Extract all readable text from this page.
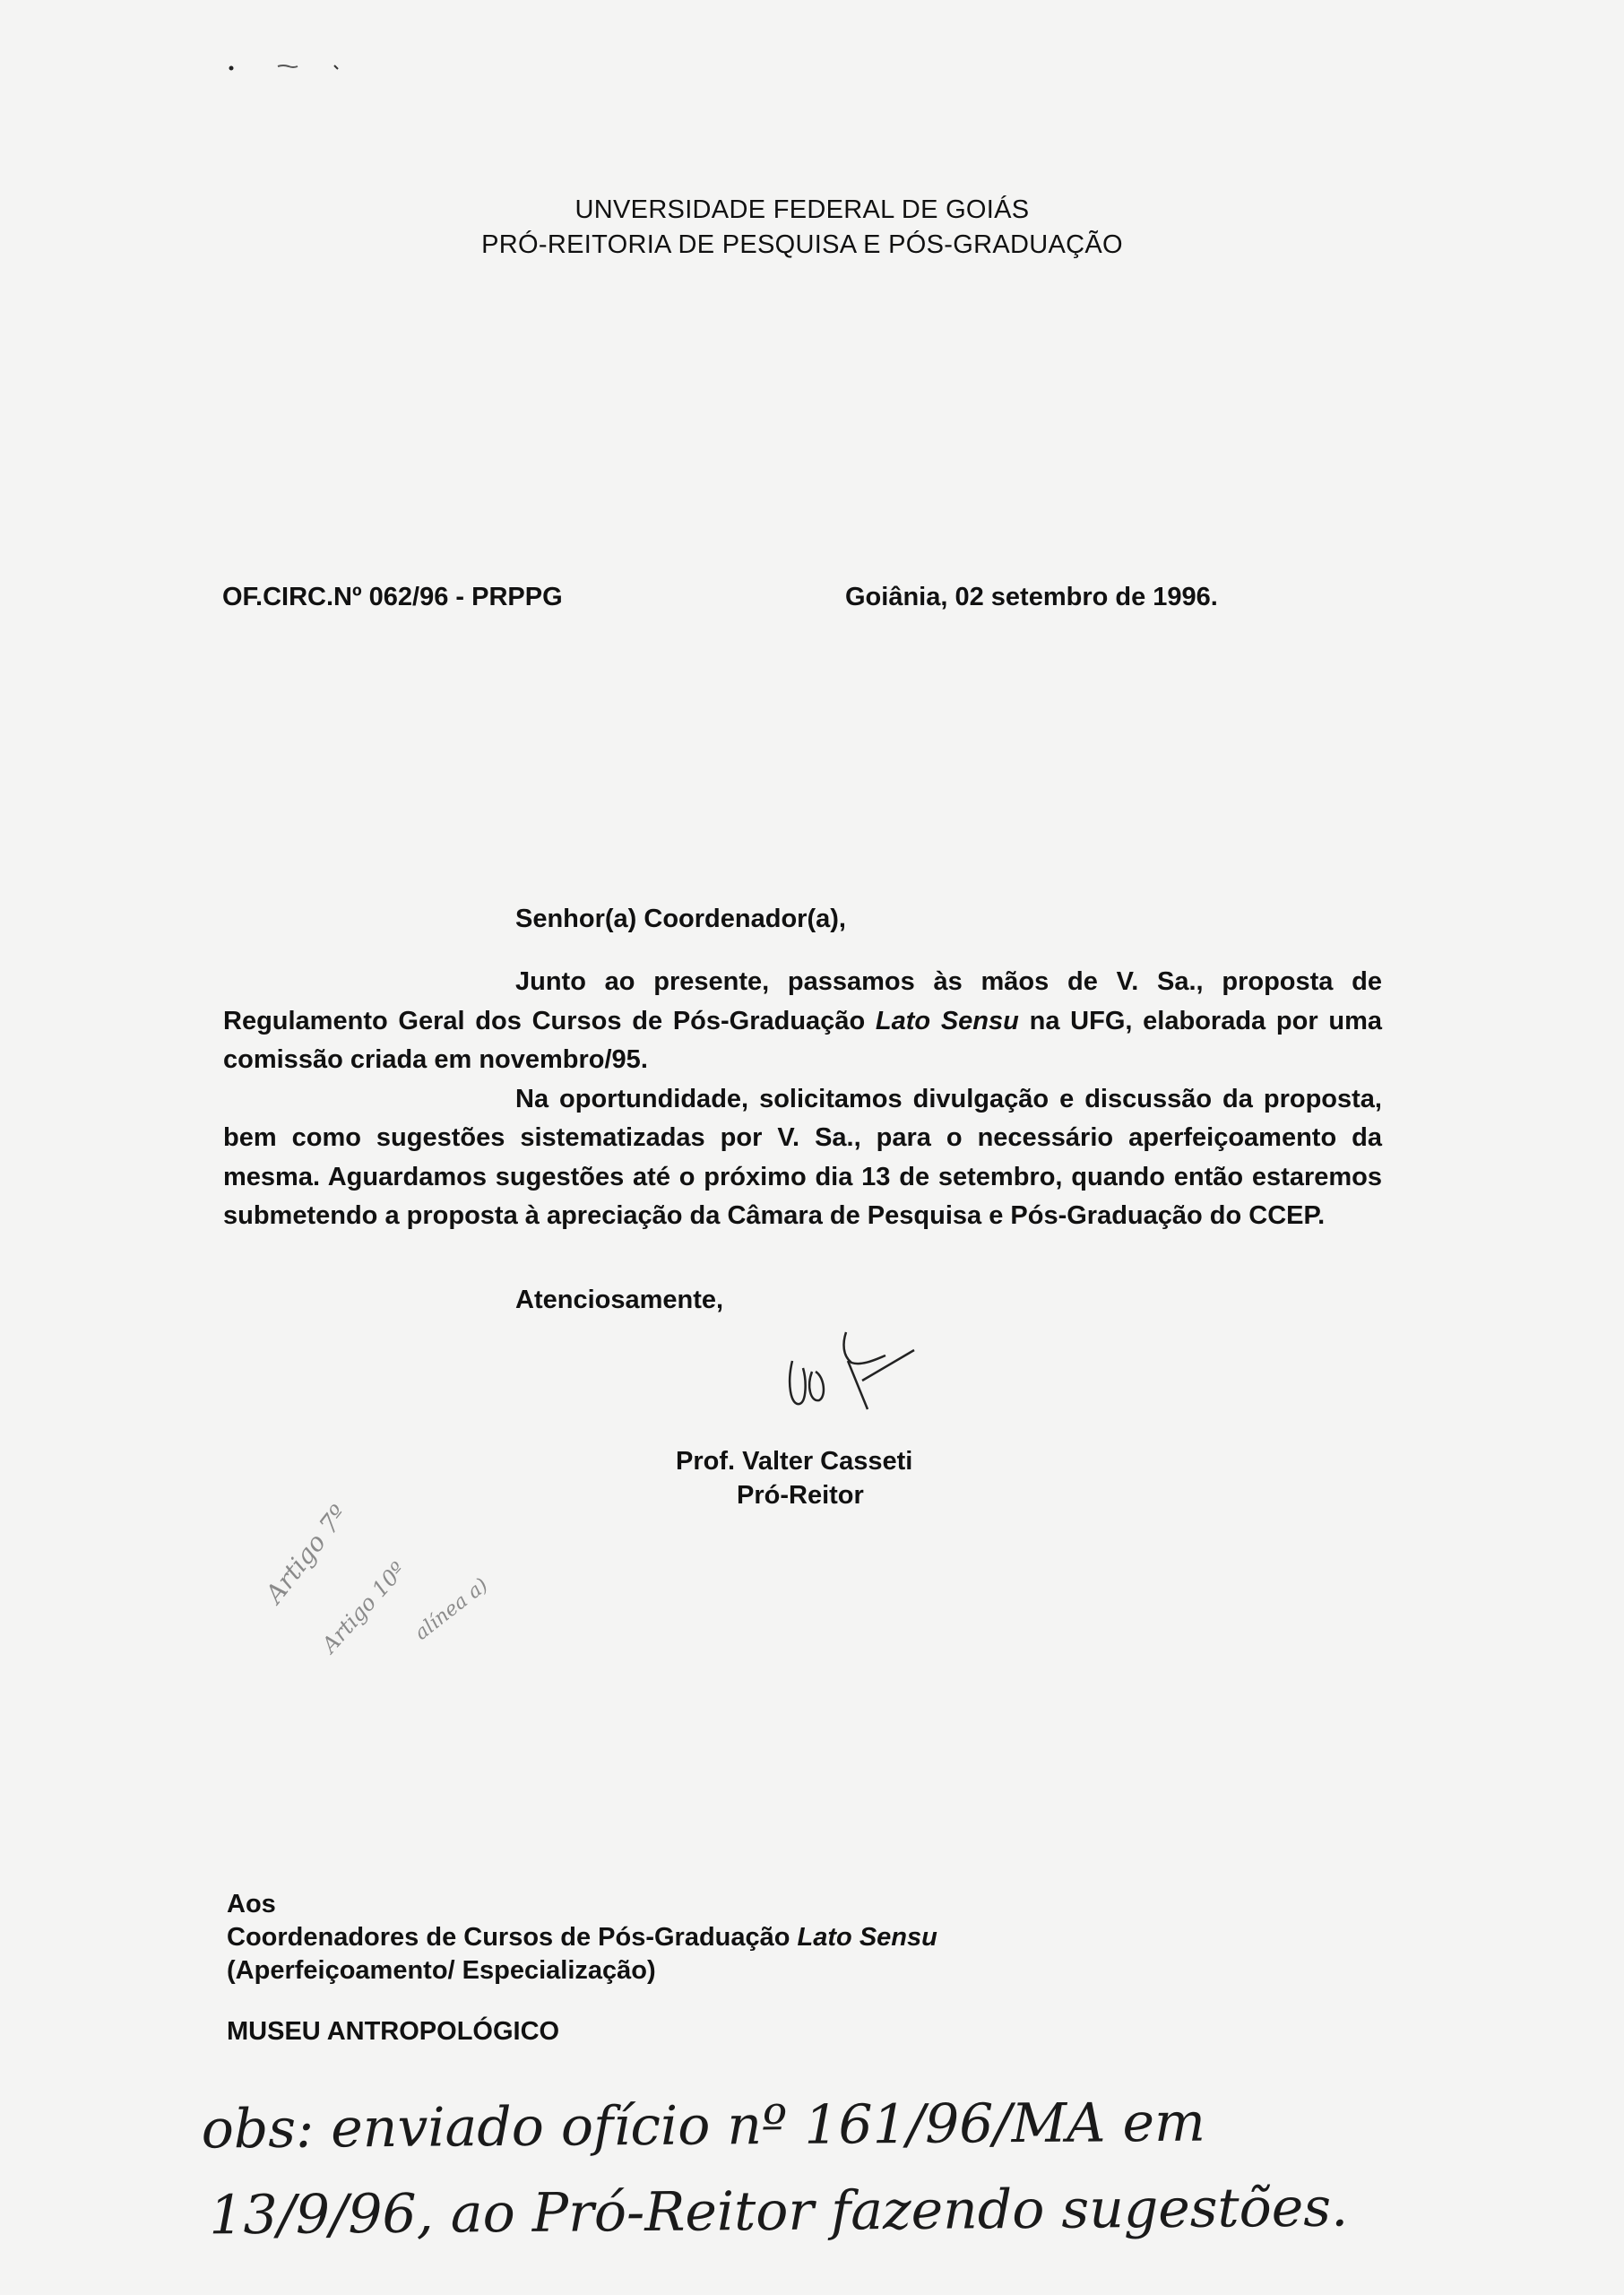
UNVERSIDADE FEDERAL DE GOIÁS
PRÓ-REITORIA DE PESQUISA E PÓS-GRADUAÇÃO
OF.CIRC.Nº 062/96 - PRPPG	Goiânia, 02 setembro de 1996.
Senhor(a) Coordenador(a),

Junto ao presente, passamos às mãos de V. Sa., proposta de Regulamento Geral dos Cursos de Pós-Graduação Lato Sensu na UFG, elaborada por uma comissão criada em novembro/95.

Na oportundidade, solicitamos divulgação e discussão da proposta, bem como sugestões sistematizadas por V. Sa., para o necessário aperfeiçoamento da mesma. Aguardamos sugestões até o próximo dia 13 de setembro, quando então estaremos submetendo a proposta à apreciação da Câmara de Pesquisa e Pós-Graduação do CCEP.

Atenciosamente,
Prof. Valter Casseti
Pró-Reitor
Artigo 7º
Artigo 10º alínea a)
Aos
Coordenadores de Cursos de Pós-Graduação Lato Sensu
(Aperfeiçoamento/ Especialização)
MUSEU ANTROPOLÓGICO
obs: enviado ofício nº 161/96/MA em
13/9/96, ao Pró-Reitor fazendo sugestões.
